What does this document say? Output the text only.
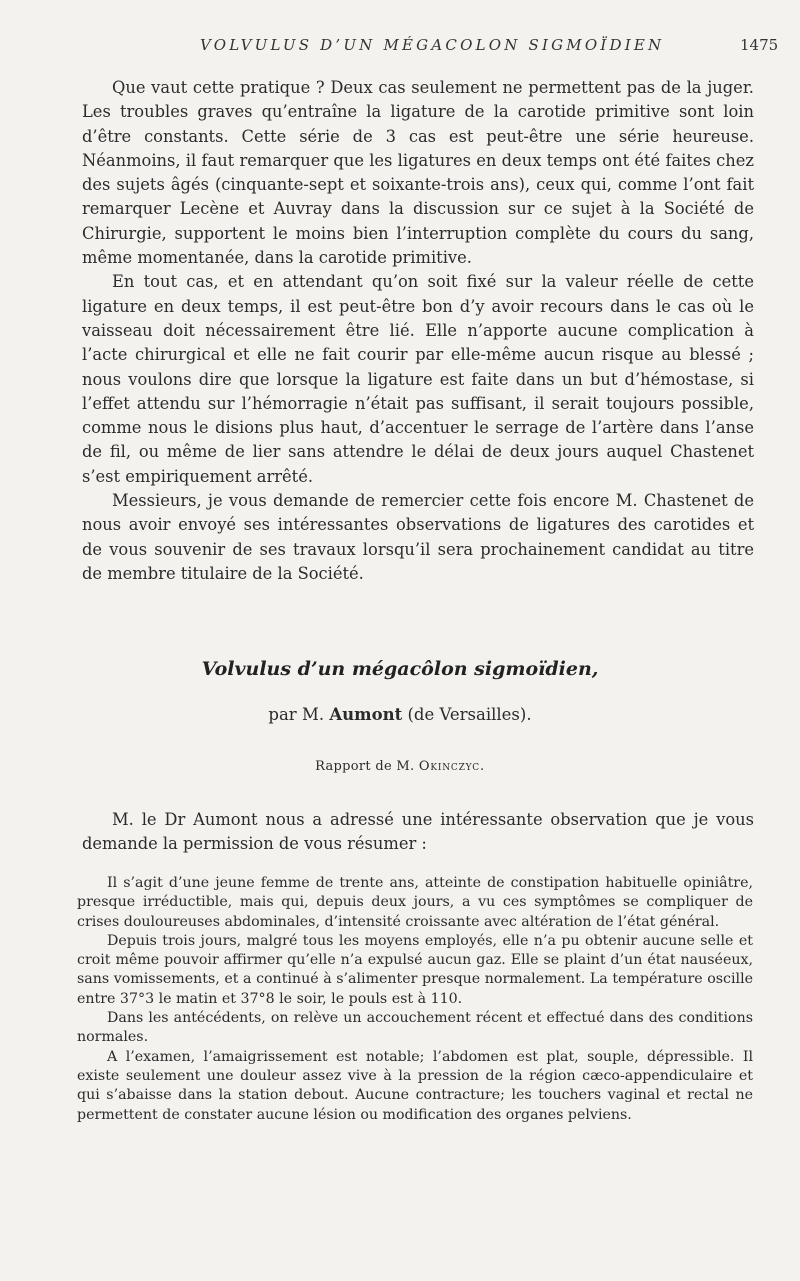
VOLVULUS D’UN MÉGACOLON SIGMOÏDIEN	1475

Que vaut cette pratique ? Deux cas seulement ne permettent pas de la juger. Les troubles graves qu’entraîne la ligature de la carotide primitive sont loin d’être constants. Cette série de 3 cas est peut-être une série heureuse. Néanmoins, il faut remarquer que les ligatures en deux temps ont été faites chez des sujets âgés (cinquante-sept et soixante-trois ans), ceux qui, comme l’ont fait remarquer Lecène et Auvray dans la discussion sur ce sujet à la Société de Chirurgie, supportent le moins bien l’interruption complète du cours du sang, même momentanée, dans la carotide primitive.

En tout cas, et en attendant qu’on soit fixé sur la valeur réelle de cette ligature en deux temps, il est peut-être bon d’y avoir recours dans le cas où le vaisseau doit nécessairement être lié. Elle n’apporte aucune complication à l’acte chirurgical et elle ne fait courir par elle-même aucun risque au blessé ; nous voulons dire que lorsque la ligature est faite dans un but d’hémostase, si l’effet attendu sur l’hémorragie n’était pas suffisant, il serait toujours possible, comme nous le disions plus haut, d’accentuer le serrage de l’artère dans l’anse de fil, ou même de lier sans attendre le délai de deux jours auquel Chastenet s’est empiriquement arrêté.

Messieurs, je vous demande de remercier cette fois encore M. Chastenet de nous avoir envoyé ses intéressantes observations de ligatures des carotides et de vous souvenir de ses travaux lorsqu’il sera prochainement candidat au titre de membre titulaire de la Société.

Volvulus d’un mégacôlon sigmoïdien,

par M. Aumont (de Versailles).

Rapport de M. Okinczyc.

M. le Dr Aumont nous a adressé une intéressante observation que je vous demande la permission de vous résumer :

Il s’agit d’une jeune femme de trente ans, atteinte de constipation habituelle opiniâtre, presque irréductible, mais qui, depuis deux jours, a vu ces symptômes se compliquer de crises douloureuses abdominales, d’intensité croissante avec altération de l’état général.

Depuis trois jours, malgré tous les moyens employés, elle n’a pu obtenir aucune selle et croit même pouvoir affirmer qu’elle n’a expulsé aucun gaz. Elle se plaint d’un état nauséeux, sans vomissements, et a continué à s’alimenter presque normalement. La température oscille entre 37°3 le matin et 37°8 le soir, le pouls est à 110.

Dans les antécédents, on relève un accouchement récent et effectué dans des conditions normales.

A l’examen, l’amaigrissement est notable; l’abdomen est plat, souple, dépressible. Il existe seulement une douleur assez vive à la pression de la région cæco-appendiculaire et qui s’abaisse dans la station debout. Aucune contracture; les touchers vaginal et rectal ne permettent de constater aucune lésion ou modification des organes pelviens.
